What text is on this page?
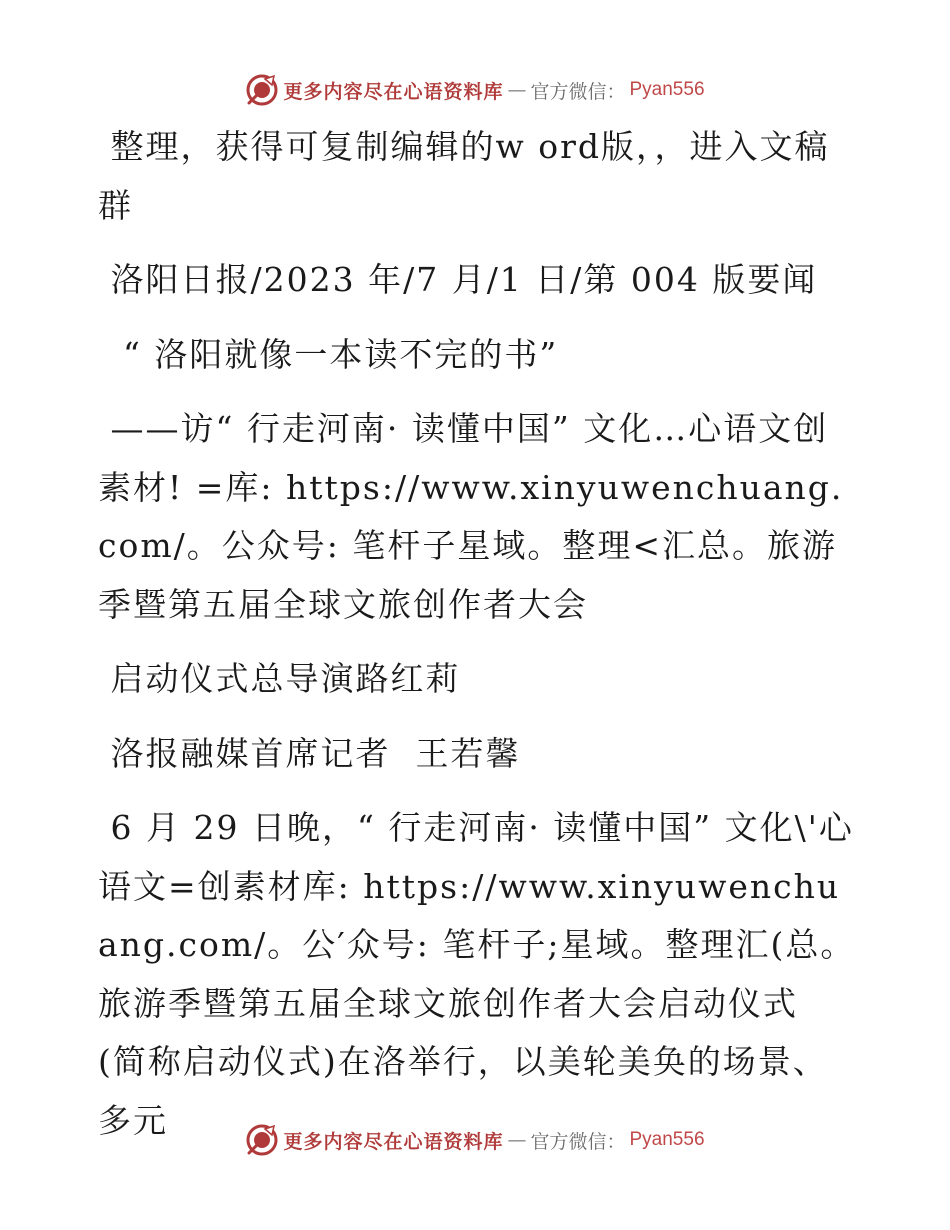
更多内容尽在心语资料库 — 官方微信： Pyan556

整理，获得可复制编辑的w ord版，，进入文稿群

洛阳日报/2023 年/7 月/1 日/第 004 版要闻

“ 洛阳就像一本读不完的书”

——访“ 行走河南· 读懂中国” 文化…心语文创素材! =库: https://www.xinyuwenchuang.com/。公众号: 笔杆子星域。整理<汇总。旅游季暨第五届全球文旅创作者大会

启动仪式总导演路红莉

洛报融媒首席记者  王若馨

6 月 29 日晚，“ 行走河南· 读懂中国” 文化\'心语文=创素材库: https://www.xinyuwenchuang.com/。公′众号: 笔杆子;星域。整理汇(总。旅游季暨第五届全球文旅创作者大会启动仪式 (简称启动仪式)在洛举行，以美轮美奂的场景、多元

更多内容尽在心语资料库 — 官方微信： Pyan556
